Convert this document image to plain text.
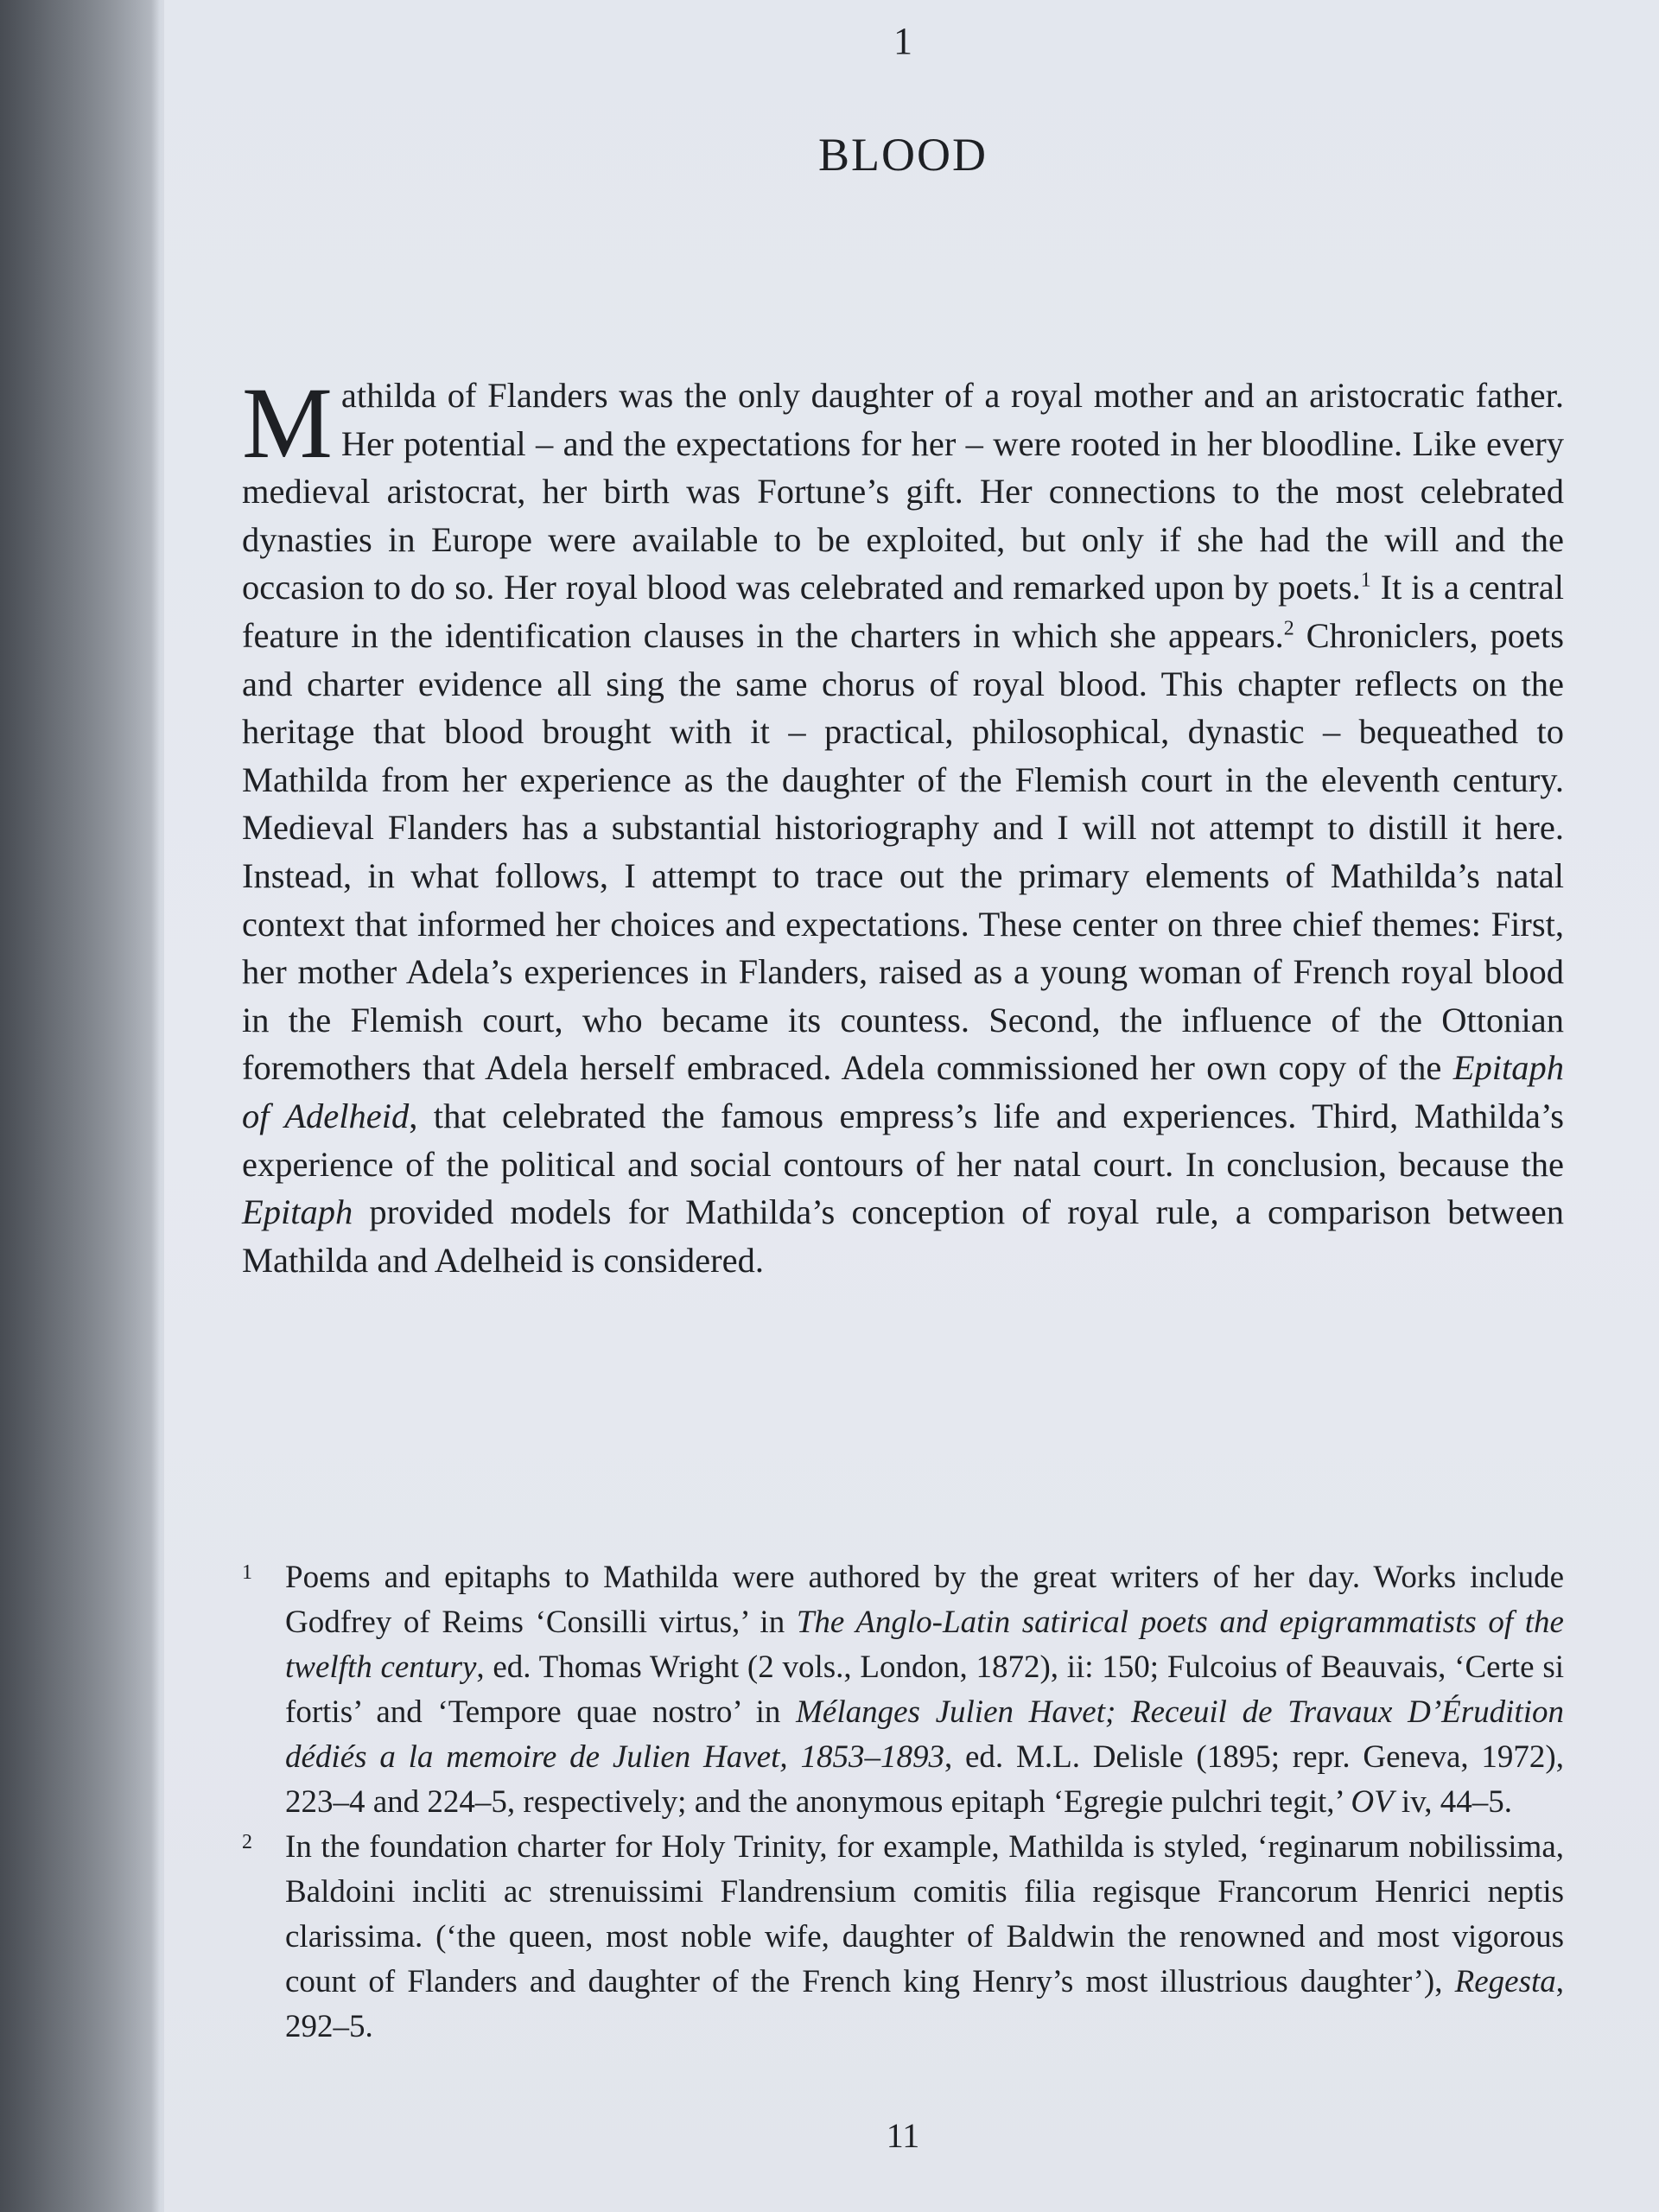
1
BLOOD

Mathilda of Flanders was the only daughter of a royal mother and an aristocratic father. Her potential – and the expectations for her – were rooted in her bloodline. Like every medieval aristocrat, her birth was Fortune’s gift. Her connections to the most celebrated dynasties in Europe were available to be exploited, but only if she had the will and the occasion to do so. Her royal blood was celebrated and remarked upon by poets.$^1$ It is a central feature in the identification clauses in the charters in which she appears.$^2$ Chroniclers, poets and charter evidence all sing the same chorus of royal blood. This chapter reflects on the heritage that blood brought with it – practical, philosophical, dynastic – bequeathed to Mathilda from her experience as the daughter of the Flemish court in the eleventh century. Medieval Flanders has a substantial historiography and I will not attempt to distill it here. Instead, in what follows, I attempt to trace out the primary elements of Mathilda’s natal context that informed her choices and expectations. These center on three chief themes: First, her mother Adela’s experiences in Flanders, raised as a young woman of French royal blood in the Flemish court, who became its countess. Second, the influence of the Ottonian foremothers that Adela herself embraced. Adela commissioned her own copy of the Epitaph of Adelheid, that celebrated the famous empress’s life and experiences. Third, Mathilda’s experience of the political and social contours of her natal court. In conclusion, because the Epitaph provided models for Mathilda’s conception of royal rule, a comparison between Mathilda and Adelheid is considered.

1 Poems and epitaphs to Mathilda were authored by the great writers of her day. Works include Godfrey of Reims ‘Consilli virtus,’ in The Anglo-Latin satirical poets and epigrammatists of the twelfth century, ed. Thomas Wright (2 vols., London, 1872), ii: 150; Fulcoius of Beauvais, ‘Certe si fortis’ and ‘Tempore quae nostro’ in Mélanges Julien Havet; Receuil de Travaux D’Érudition dédiés a la memoire de Julien Havet, 1853–1893, ed. M.L. Delisle (1895; repr. Geneva, 1972), 223–4 and 224–5, respectively; and the anonymous epitaph ‘Egregie pulchri tegit,’ OV iv, 44–5.
2 In the foundation charter for Holy Trinity, for example, Mathilda is styled, ‘reginarum nobilissima, Baldoini incliti ac strenuissimi Flandrensium comitis filia regisque Francorum Henrici neptis clarissima. (‘the queen, most noble wife, daughter of Baldwin the renowned and most vigorous count of Flanders and daughter of the French king Henry’s most illustrious daughter’), Regesta, 292–5.
11
